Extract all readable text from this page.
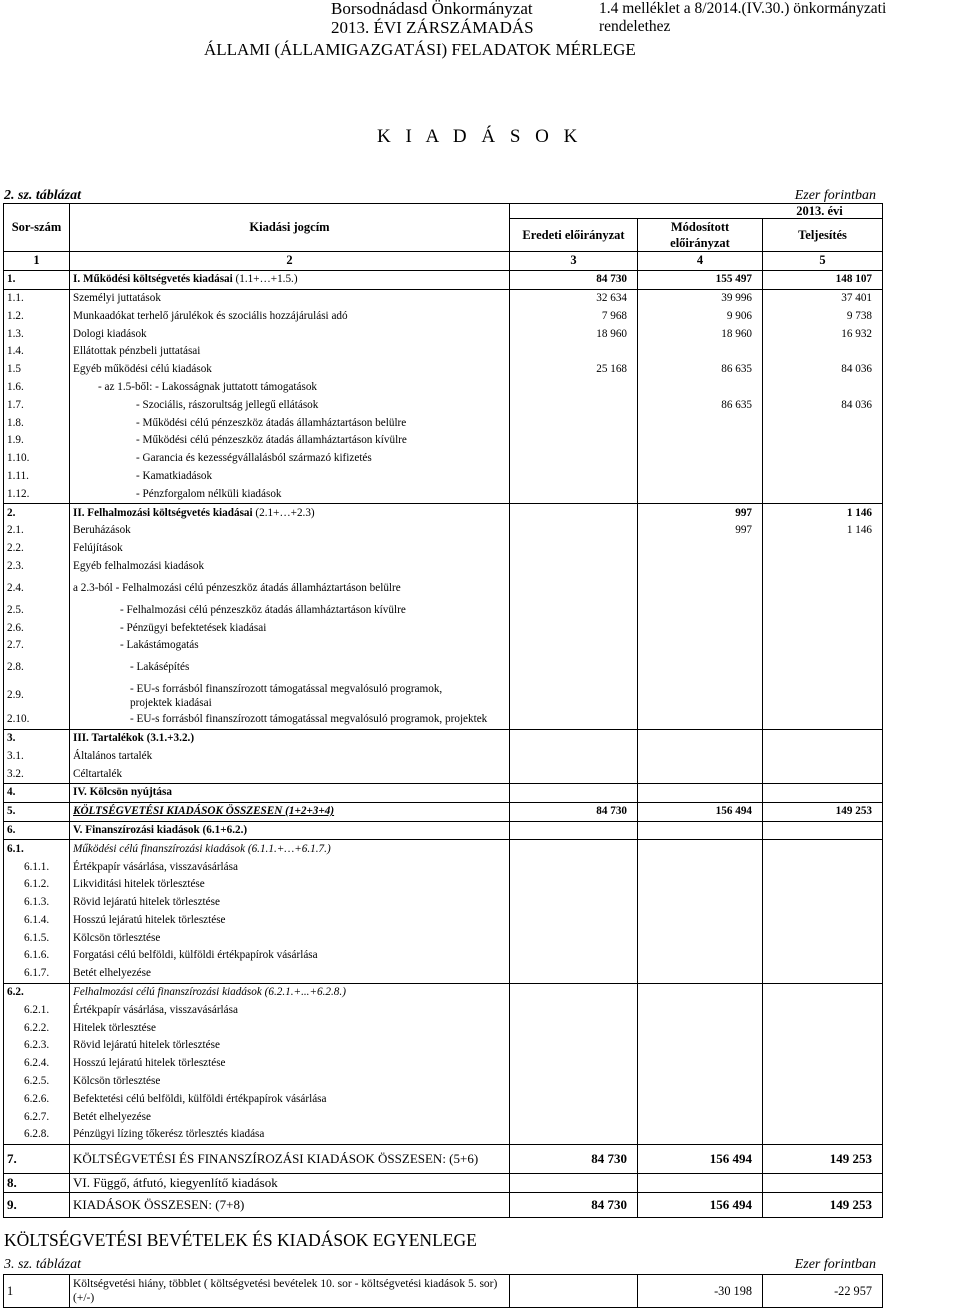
Borsodnádasd Önkormányzat	1.4 melléklet a 8/2014.(IV.30.) önkormányzati rendelethez
2013. ÉVI ZÁRSZÁMADÁS
ÁLLAMI (ÁLLAMIGAZGATÁSI) FELADATOK MÉRLEGE
K I A D Á S O K
2. sz. táblázat	Ezer forintban
Sor-szám	Kiadási jogcím	2013. évi		
		Eredeti előirányzat	Módosított előirányzat	Teljesítés
1	2	3	4	5
1.	I. Működési költségvetés kiadásai (1.1+…+1.5.)	84 730	155 497	148 107
1.1.	Személyi juttatások	32 634	39 996	37 401
1.2.	Munkaadókat terhelő járulékok és szociális hozzájárulási adó	7 968	9 906	9 738
1.3.	Dologi kiadások	18 960	18 960	16 932
1.4.	Ellátottak pénzbeli juttatásai			
1.5	Egyéb működési célú kiadások	25 168	86 635	84 036
1.6.	- az 1.5-ből: - Lakosságnak juttatott támogatások			
1.7.	- Szociális, rászorultság jellegű ellátások		86 635	84 036
1.8.	- Működési célú pénzeszköz átadás államháztartáson belülre			
1.9.	- Működési célú pénzeszköz átadás államháztartáson kívülre			
1.10.	- Garancia és kezességvállalásból származó kifizetés			
1.11.	- Kamatkiadások			
1.12.	- Pénzforgalom nélküli kiadások			
2.	II. Felhalmozási költségvetés kiadásai (2.1+…+2.3)		997	1 146
2.1.	Beruházások		997	1 146
2.2.	Felújítások			
2.3.	Egyéb felhalmozási kiadások			
2.4.	a 2.3-ból - Felhalmozási célú pénzeszköz átadás államháztartáson belülre			
2.5.	- Felhalmozási célú pénzeszköz átadás államháztartáson kívülre			
2.6.	- Pénzügyi befektetések kiadásai			
2.7.	- Lakástámogatás			
2.8.	- Lakásépítés			
2.9.	- EU-s forrásból finanszírozott támogatással megvalósuló programok, projektek kiadásai			
2.10.	- EU-s forrásból finanszírozott támogatással megvalósuló programok, projektek			
3.	III. Tartalékok (3.1.+3.2.)			
3.1.	Általános tartalék			
3.2.	Céltartalék			
4.	IV. Kölcsön nyújtása			
5.	KÖLTSÉGVETÉSI KIADÁSOK ÖSSZESEN (1+2+3+4)	84 730	156 494	149 253
6.	V. Finanszírozási kiadások (6.1+6.2.)			
6.1.	Működési célú finanszírozási kiadások (6.1.1.+…+6.1.7.)			
6.1.1.	Értékpapír vásárlása, visszavásárlása			
6.1.2.	Likviditási hitelek törlesztése			
6.1.3.	Rövid lejáratú hitelek törlesztése			
6.1.4.	Hosszú lejáratú hitelek törlesztése			
6.1.5.	Kölcsön törlesztése			
6.1.6.	Forgatási célú belföldi, külföldi értékpapírok vásárlása			
6.1.7.	Betét elhelyezése			
6.2.	Felhalmozási célú finanszírozási kiadások (6.2.1.+...+6.2.8.)			
6.2.1.	Értékpapír vásárlása, visszavásárlása			
6.2.2.	Hitelek törlesztése			
6.2.3.	Rövid lejáratú hitelek törlesztése			
6.2.4.	Hosszú lejáratú hitelek törlesztése			
6.2.5.	Kölcsön törlesztése			
6.2.6.	Befektetési célú belföldi, külföldi értékpapírok vásárlása			
6.2.7.	Betét elhelyezése			
6.2.8.	Pénzügyi lízing tőkerész törlesztés kiadása			
7.	KÖLTSÉGVETÉSI ÉS FINANSZÍROZÁSI KIADÁSOK ÖSSZESEN: (5+6)	84 730	156 494	149 253
8.	VI. Függő, átfutó, kiegyenlítő kiadások			
9.	KIADÁSOK ÖSSZESEN: (7+8)	84 730	156 494	149 253
KÖLTSÉGVETÉSI BEVÉTELEK ÉS KIADÁSOK EGYENLEGE
3. sz. táblázat	Ezer forintban
1	Költségvetési hiány, többlet ( költségvetési bevételek 10. sor - költségvetési kiadások 5. sor) (+/-)		-30 198	-22 957
